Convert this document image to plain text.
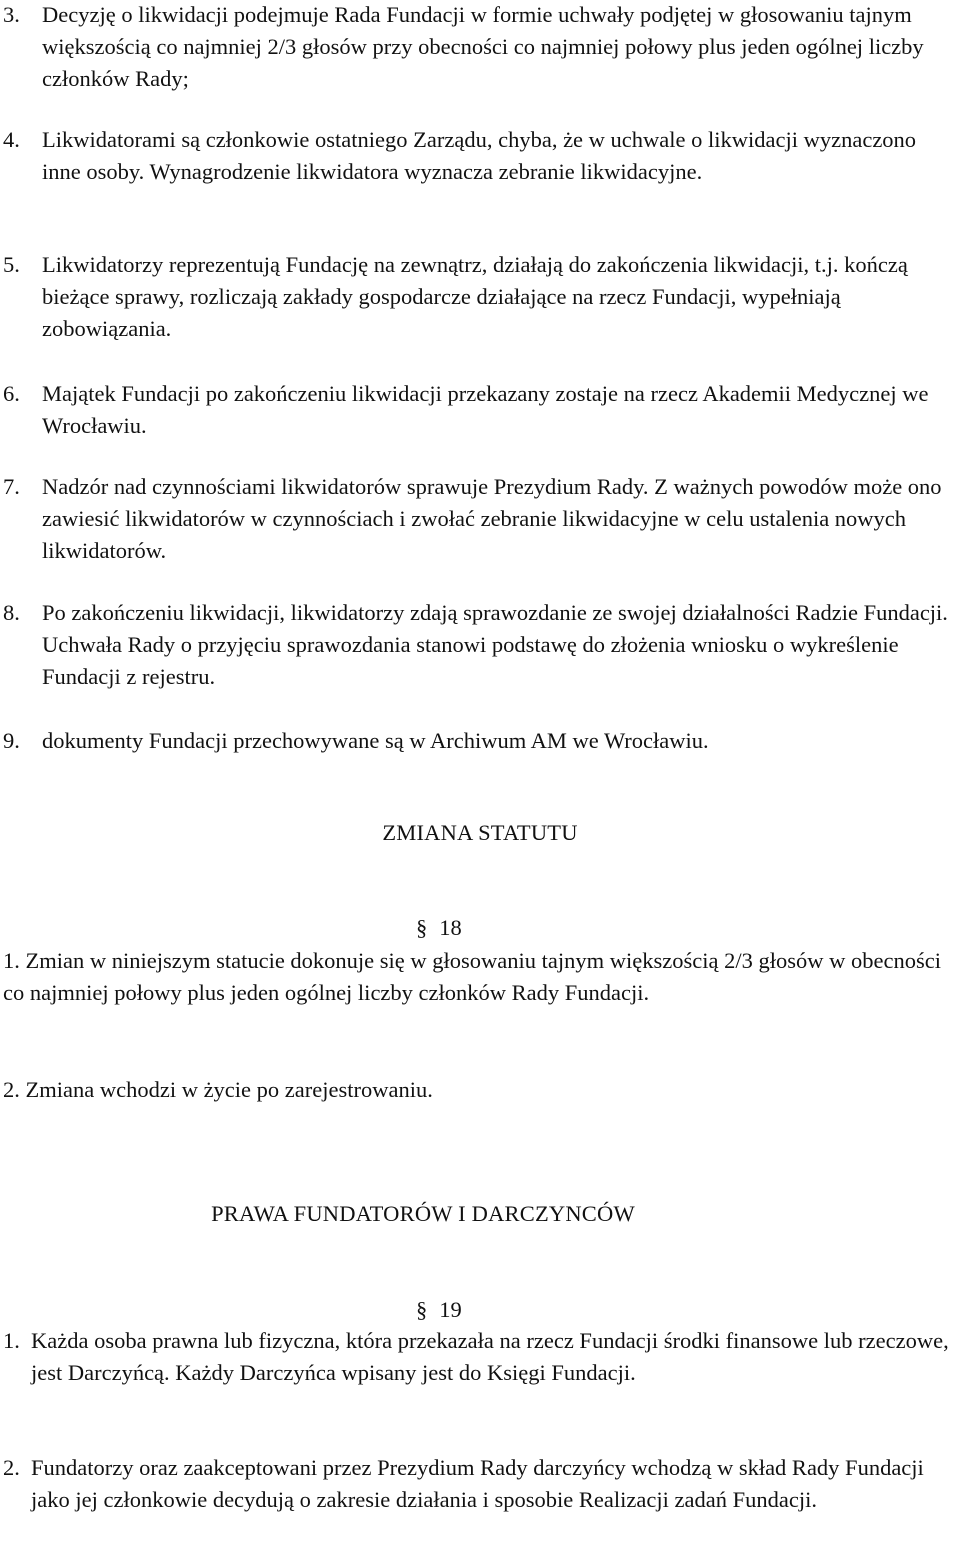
3. Decyzję o likwidacji podejmuje Rada Fundacji w formie uchwały podjętej w głosowaniu tajnym większością co najmniej 2/3 głosów przy obecności co najmniej połowy plus jeden ogólnej liczby członków Rady;
4. Likwidatorami są członkowie ostatniego Zarządu, chyba, że w uchwale o likwidacji wyznaczono inne osoby. Wynagrodzenie likwidatora wyznacza zebranie likwidacyjne.
5. Likwidatorzy reprezentują Fundację na zewnątrz, działają do zakończenia likwidacji, t.j. kończą bieżące sprawy, rozliczają zakłady gospodarcze działające na rzecz Fundacji, wypełniają zobowiązania.
6. Majątek Fundacji po zakończeniu likwidacji przekazany zostaje na rzecz Akademii Medycznej we Wrocławiu.
7. Nadzór nad czynnościami likwidatorów sprawuje Prezydium Rady. Z ważnych powodów może ono zawiesić likwidatorów w czynnościach i zwołać zebranie likwidacyjne w celu ustalenia nowych likwidatorów.
8. Po zakończeniu likwidacji, likwidatorzy zdają sprawozdanie ze swojej działalności Radzie Fundacji. Uchwała Rady o przyjęciu sprawozdania stanowi podstawę do złożenia wniosku o wykreślenie Fundacji z rejestru.
9. dokumenty Fundacji przechowywane są w Archiwum AM we Wrocławiu.
ZMIANA STATUTU
§ 18
1. Zmian w niniejszym statucie dokonuje się w głosowaniu tajnym większością 2/3 głosów w obecności co najmniej połowy plus jeden ogólnej liczby członków Rady Fundacji.
2. Zmiana wchodzi w życie po zarejestrowaniu.
PRAWA FUNDATORÓW I DARCZYNCÓW
§ 19
1. Każda osoba prawna lub fizyczna, która przekazała na rzecz Fundacji środki finansowe lub rzeczowe, jest Darczyńcą. Każdy Darczyńca wpisany jest do Księgi Fundacji.
2. Fundatorzy oraz zaakceptowani przez Prezydium Rady darczyńcy wchodzą w skład Rady Fundacji jako jej członkowie decydują o zakresie działania i sposobie Realizacji zadań Fundacji.
